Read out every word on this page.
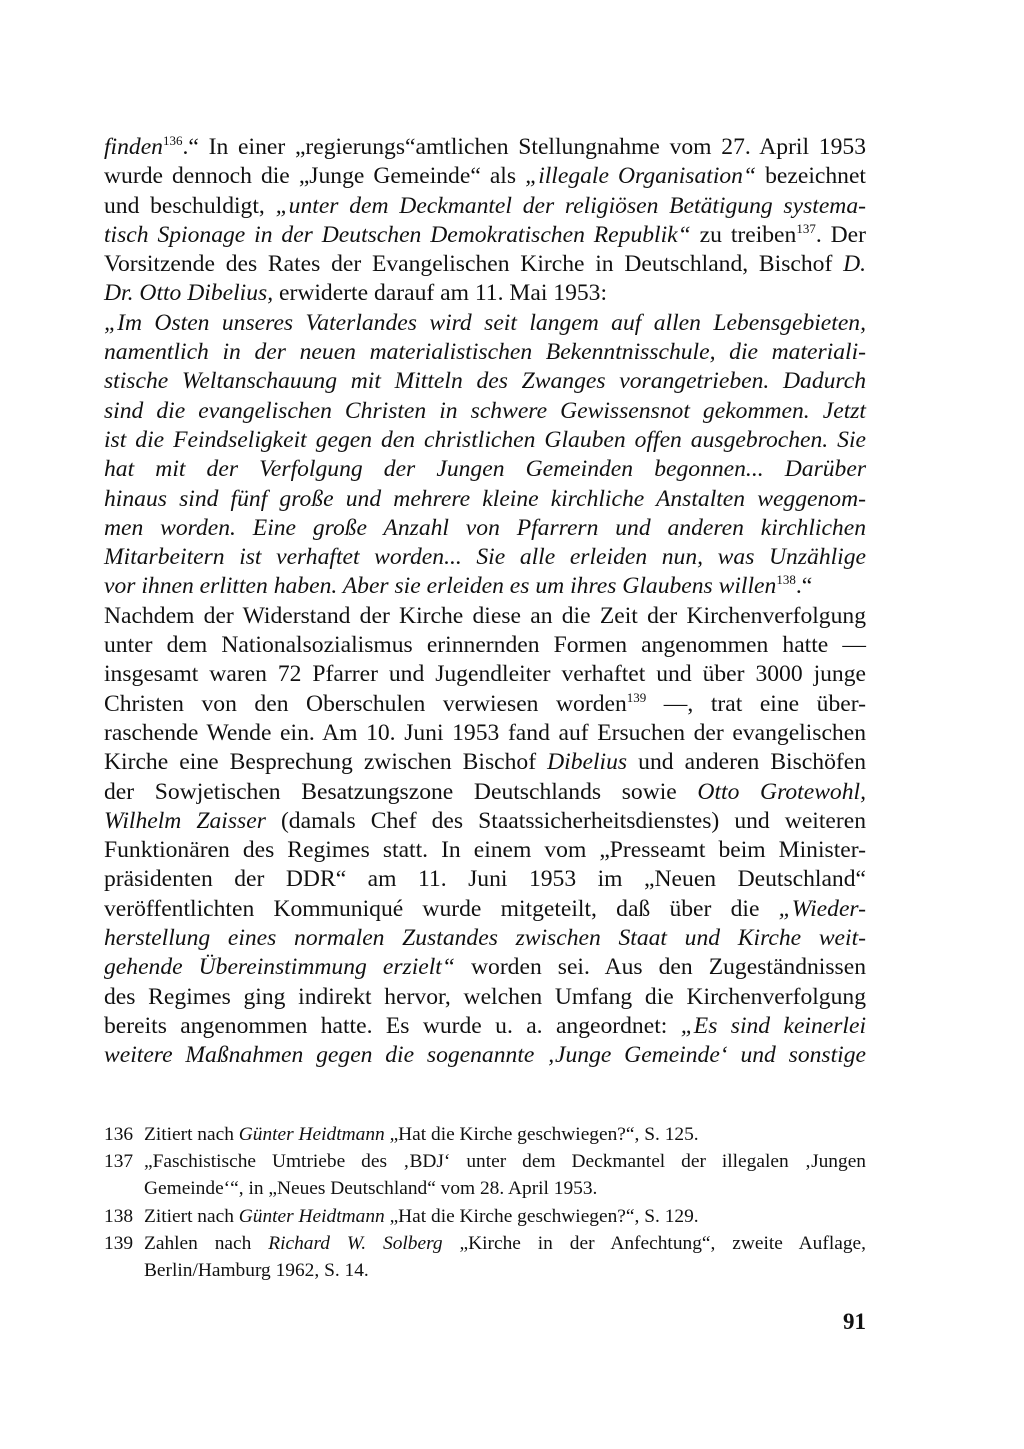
finden$^{136}$.“ In einer „regierungs“amtlichen Stellungnahme vom 27. April 1953
wurde dennoch die „Junge Gemeinde“ als „illegale Organisation“ bezeichnet
und beschuldigt, „unter dem Deckmantel der religiösen Betätigung systema-
tisch Spionage in der Deutschen Demokratischen Republik“ zu treiben$^{137}$. Der
Vorsitzende des Rates der Evangelischen Kirche in Deutschland, Bischof D.
Dr. Otto Dibelius, erwiderte darauf am 11. Mai 1953:
„Im Osten unseres Vaterlandes wird seit langem auf allen Lebensgebieten,
namentlich in der neuen materialistischen Bekenntnisschule, die materiali-
stische Weltanschauung mit Mitteln des Zwanges vorangetrieben. Dadurch
sind die evangelischen Christen in schwere Gewissensnot gekommen. Jetzt
ist die Feindseligkeit gegen den christlichen Glauben offen ausgebrochen. Sie
hat mit der Verfolgung der Jungen Gemeinden begonnen... Darüber
hinaus sind fünf große und mehrere kleine kirchliche Anstalten weggenom-
men worden. Eine große Anzahl von Pfarrern und anderen kirchlichen
Mitarbeitern ist verhaftet worden... Sie alle erleiden nun, was Unzählige
vor ihnen erlitten haben. Aber sie erleiden es um ihres Glaubens willen$^{138}$.“
Nachdem der Widerstand der Kirche diese an die Zeit der Kirchenverfolgung
unter dem Nationalsozialismus erinnernden Formen angenommen hatte —
insgesamt waren 72 Pfarrer und Jugendleiter verhaftet und über 3000 junge
Christen von den Oberschulen verwiesen worden$^{139}$ —, trat eine über-
raschende Wende ein. Am 10. Juni 1953 fand auf Ersuchen der evangelischen
Kirche eine Besprechung zwischen Bischof Dibelius und anderen Bischöfen
der Sowjetischen Besatzungszone Deutschlands sowie Otto Grotewohl,
Wilhelm Zaisser (damals Chef des Staatssicherheitsdienstes) und weiteren
Funktionären des Regimes statt. In einem vom „Presseamt beim Minister-
präsidenten der DDR“ am 11. Juni 1953 im „Neuen Deutschland“
veröffentlichten Kommuniqué wurde mitgeteilt, daß über die „Wieder-
herstellung eines normalen Zustandes zwischen Staat und Kirche weit-
gehende Übereinstimmung erzielt“ worden sei. Aus den Zugeständnissen
des Regimes ging indirekt hervor, welchen Umfang die Kirchenverfolgung
bereits angenommen hatte. Es wurde u. a. angeordnet: „Es sind keinerlei
weitere Maßnahmen gegen die sogenannte ‚Junge Gemeinde‘ und sonstige
136 Zitiert nach Günter Heidtmann „Hat die Kirche geschwiegen?“, S. 125.
137 „Faschistische Umtriebe des ‚BDJ‘ unter dem Deckmantel der illegalen ‚Jungen
Gemeinde‘“, in „Neues Deutschland“ vom 28. April 1953.
138 Zitiert nach Günter Heidtmann „Hat die Kirche geschwiegen?“, S. 129.
139 Zahlen nach Richard W. Solberg „Kirche in der Anfechtung“, zweite Auflage,
Berlin/Hamburg 1962, S. 14.
91
